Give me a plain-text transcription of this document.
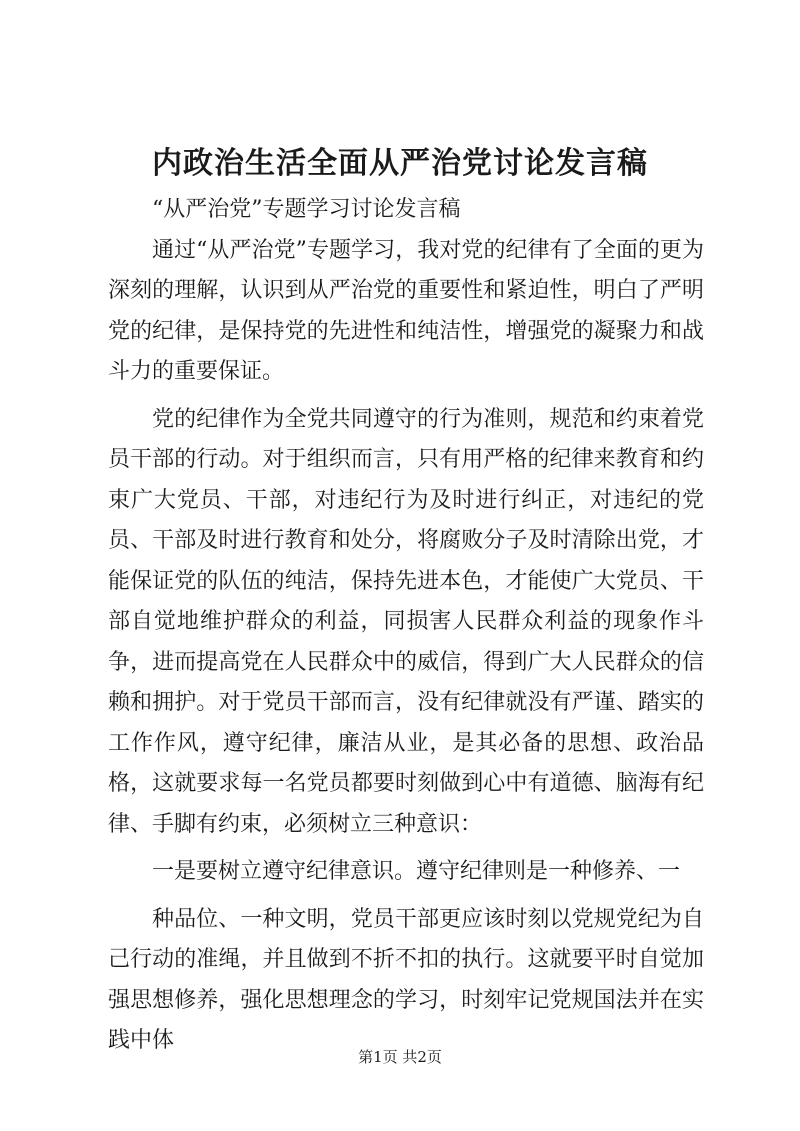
内政治生活全面从严治党讨论发言稿

“从严治党”专题学习讨论发言稿

通过“从严治党”专题学习，我对党的纪律有了全面的更为深刻的理解，认识到从严治党的重要性和紧迫性，明白了严明党的纪律，是保持党的先进性和纯洁性，增强党的凝聚力和战斗力的重要保证。

党的纪律作为全党共同遵守的行为准则，规范和约束着党员干部的行动。对于组织而言，只有用严格的纪律来教育和约束广大党员、干部，对违纪行为及时进行纠正，对违纪的党员、干部及时进行教育和处分，将腐败分子及时清除出党，才能保证党的队伍的纯洁，保持先进本色，才能使广大党员、干部自觉地维护群众的利益，同损害人民群众利益的现象作斗争，进而提高党在人民群众中的威信，得到广大人民群众的信赖和拥护。对于党员干部而言，没有纪律就没有严谨、踏实的工作作风，遵守纪律，廉洁从业，是其必备的思想、政治品格，这就要求每一名党员都要时刻做到心中有道德、脑海有纪律、手脚有约束，必须树立三种意识：

一是要树立遵守纪律意识。遵守纪律则是一种修养、一

种品位、一种文明，党员干部更应该时刻以党规党纪为自己行动的准绳，并且做到不折不扣的执行。这就要平时自觉加强思想修养，强化思想理念的学习，时刻牢记党规国法并在实践中体

第1页 共2页
